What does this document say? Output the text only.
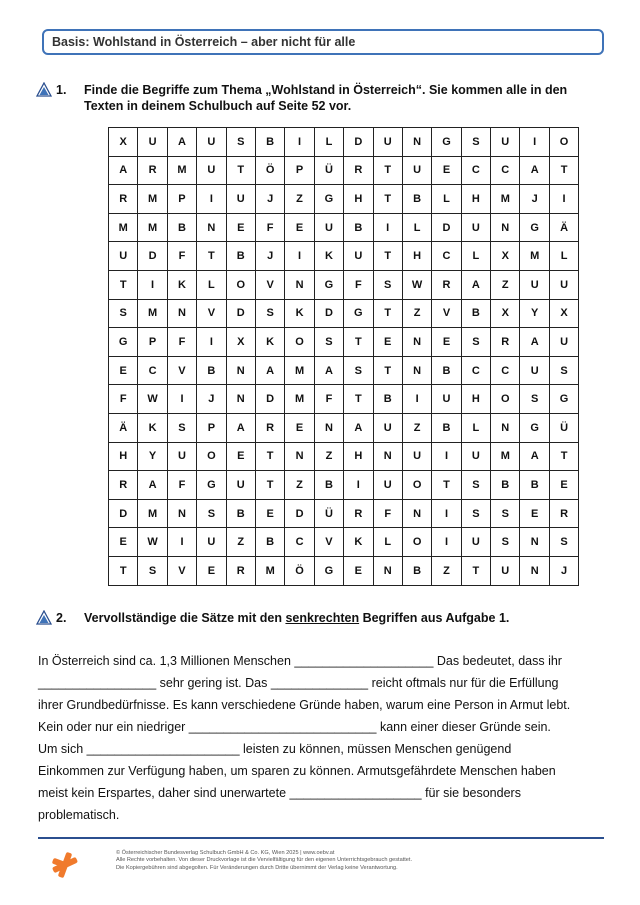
Basis: Wohlstand in Österreich – aber nicht für alle
1. Finde die Begriffe zum Thema „Wohlstand in Österreich“. Sie kommen alle in den Texten in deinem Schulbuch auf Seite 52 vor.
X	U	A	U	S	B	I	L	D	U	N	G	S	U	I	O
A	R	M	U	T	Ö	P	Ü	R	T	U	E	C	C	A	T
R	M	P	I	U	J	Z	G	H	T	B	L	H	M	J	I
M	M	B	N	E	F	E	U	B	I	L	D	U	N	G	Ä
U	D	F	T	B	J	I	K	U	T	H	C	L	X	M	L
T	I	K	L	O	V	N	G	F	S	W	R	A	Z	U	U
S	M	N	V	D	S	K	D	G	T	Z	V	B	X	Y	X
G	P	F	I	X	K	O	S	T	E	N	E	S	R	A	U
E	C	V	B	N	A	M	A	S	T	N	B	C	C	U	S
F	W	I	J	N	D	M	F	T	B	I	U	H	O	S	G
Ä	K	S	P	A	R	E	N	A	U	Z	B	L	N	G	Ü
H	Y	U	O	E	T	N	Z	H	N	U	I	U	M	A	T
R	A	F	G	U	T	Z	B	I	U	O	T	S	B	B	E
D	M	N	S	B	E	D	Ü	R	F	N	I	S	S	E	R
E	W	I	U	Z	B	C	V	K	L	O	I	U	S	N	S
T	S	V	E	R	M	Ö	G	E	N	B	Z	T	U	N	J
2. Vervollständige die Sätze mit den senkrechten Begriffen aus Aufgabe 1.

In Österreich sind ca. 1,3 Millionen Menschen ____________________ Das bedeutet, dass ihr

_________________ sehr gering ist. Das ______________ reicht oftmals nur für die Erfüllung

ihrer Grundbedürfnisse. Es kann verschiedene Gründe haben, warum eine Person in Armut lebt.

Kein oder nur ein niedriger ___________________________ kann einer dieser Gründe sein.

Um sich ______________________ leisten zu können, müssen Menschen genügend

Einkommen zur Verfügung haben, um sparen zu können. Armutsgefährdete Menschen haben

meist kein Erspartes, daher sind unerwartete ___________________ für sie besonders

problematisch.

© Österreichischer Bundesverlag Schulbuch GmbH & Co. KG, Wien 2025 | www.oebv.at
Alle Rechte vorbehalten. Von dieser Druckvorlage ist die Vervielfältigung für den eigenen Unterrichtsgebrauch gestattet.
Die Kopiergebühren sind abgegolten. Für Veränderungen durch Dritte übernimmt der Verlag keine Verantwortung.
